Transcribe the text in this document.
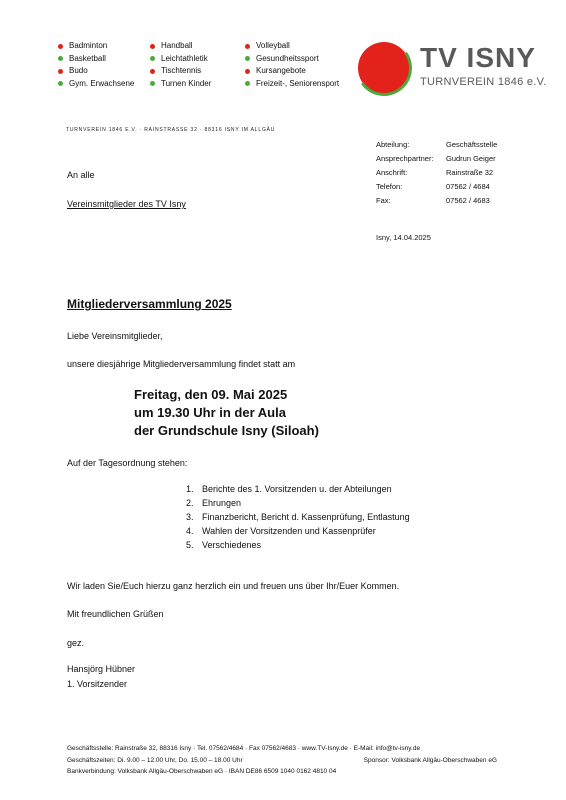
Badminton
Basketball
Budo
Gym. Erwachsene
Handball
Leichtathletik
Tischtennis
Turnen Kinder
Volleyball
Gesundheitssport
Kursangebote
Freizeit-, Seniorensport
TV ISNY
TURNVEREIN 1846 e.V.
TURNVEREIN 1846 E.V. · RAINSTRASSE 32 · 88316 ISNY IM ALLGÄU
Abteilung:	Geschäftsstelle
Ansprechpartner:	Gudrun Geiger
Anschrift:	Rainstraße 32
Telefon:	07562 / 4684
Fax:	07562 / 4683
Isny, 14.04.2025
An alle
Vereinsmitglieder des TV Isny
Mitgliederversammlung 2025
Liebe Vereinsmitglieder,
unsere diesjährige Mitgliederversammlung findet statt am
Freitag, den 09. Mai 2025
um 19.30 Uhr in der Aula
der Grundschule Isny (Siloah)
Auf der Tagesordnung stehen:
1. Berichte des 1. Vorsitzenden u. der Abteilungen
2. Ehrungen
3. Finanzbericht, Bericht d. Kassenprüfung, Entlastung
4. Wahlen der Vorsitzenden und Kassenprüfer
5. Verschiedenes
Wir laden Sie/Euch hierzu ganz herzlich ein und freuen uns über Ihr/Euer Kommen.
Mit freundlichen Grüßen
gez.
Hansjörg Hübner
1. Vorsitzender
Geschäftsstelle: Rainstraße 32, 88316 Isny · Tel. 07562/4684 · Fax 07562/4683 · www.TV-Isny.de · E-Mail: info@tv-isny.de
Geschäftszeiten: Di. 9.00 – 12.00 Uhr, Do. 15.00 – 18.00 Uhr	Sponsor: Volksbank Allgäu-Oberschwaben eG
Bankverbindung: Volksbank Allgäu-Oberschwaben eG · IBAN DE86 6509 1040 0162 4810 04
